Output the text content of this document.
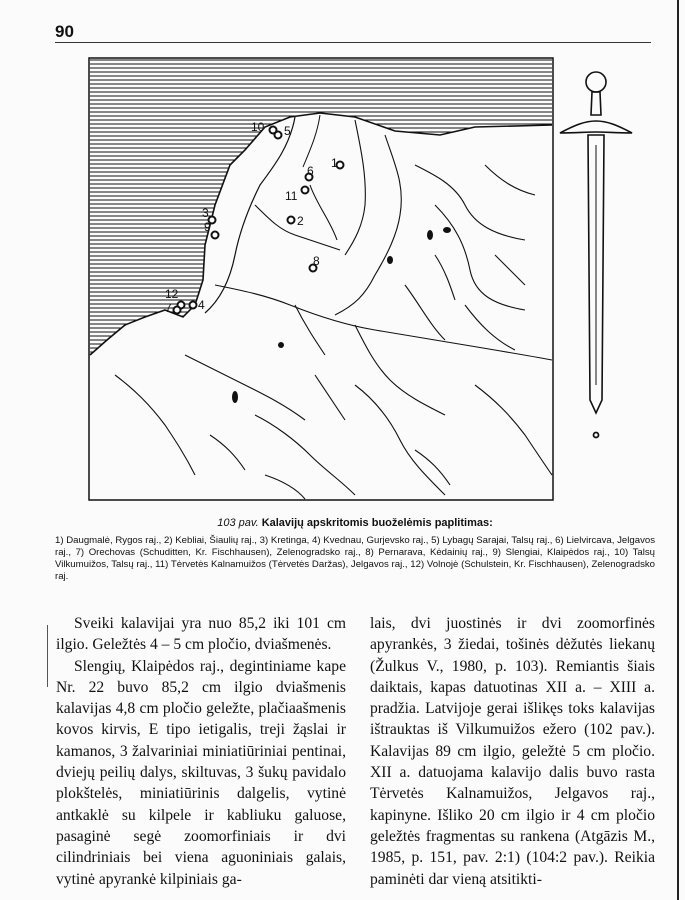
90
10 5
1
6
11
2
3
9
8
12
7 4
103 pav. Kalavijų apskritomis buoželėmis paplitimas:
1) Daugmalė, Rygos raj., 2) Kebliai, Šiaulių raj., 3) Kretinga, 4) Kvednau, Gurjevsko raj., 5) Lybagų Sarajai, Talsų raj., 6) Lielvircava, Jelgavos raj., 7) Orechovas (Schuditten, Kr. Fischhausen), Zelenogradsko raj., 8) Pernarava, Kėdainių raj., 9) Slengiai, Klaipėdos raj., 10) Talsų Vilkumuižos, Talsų raj., 11) Tėrvetės Kalnamuižos (Tėrvetės Daržas), Jelgavos raj., 12) Volnojė (Schulstein, Kr. Fischhausen), Zelenogradsko raj.

Sveiki kalavijai yra nuo 85,2 iki 101 cm ilgio. Geležtės 4 – 5 cm pločio, dviašmenės.

Slengių, Klaipėdos raj., degintiniame kape Nr. 22 buvo 85,2 cm ilgio dviašmenis kalavijas 4,8 cm pločio geležte, plačiaašmenis kovos kirvis, E tipo ietigalis, treji žąslai ir kamanos, 3 žalvariniai miniatiūriniai pentinai, dviejų peilių dalys, skiltuvas, 3 šukų pavidalo plokštelės, miniatiūrinis dalgelis, vytinė antkaklė su kilpele ir kabliuku galuose, pasaginė segė zoomorfiniais ir dvi cilindriniais bei viena aguoniniais galais, vytinė apyrankė kilpiniais ga-

lais, dvi juostinės ir dvi zoomorfinės apyrankės, 3 žiedai, tošinės dėžutės liekanų (Žulkus V., 1980, p. 103). Remiantis šiais daiktais, kapas datuotinas XII a. – XIII a. pradžia. Latvijoje gerai išlikęs toks kalavijas ištrauktas iš Vilkumuižos ežero (102 pav.). Kalavijas 89 cm ilgio, geležtė 5 cm pločio. XII a. datuojama kalavijo dalis buvo rasta Tėrvetės Kalnamuižos, Jelgavos raj., kapinyne. Išliko 20 cm ilgio ir 4 cm pločio geležtės fragmentas su rankena (Atgāzis M., 1985, p. 151, pav. 2:1) (104:2 pav.). Reikia paminėti dar vieną atsitikti-
